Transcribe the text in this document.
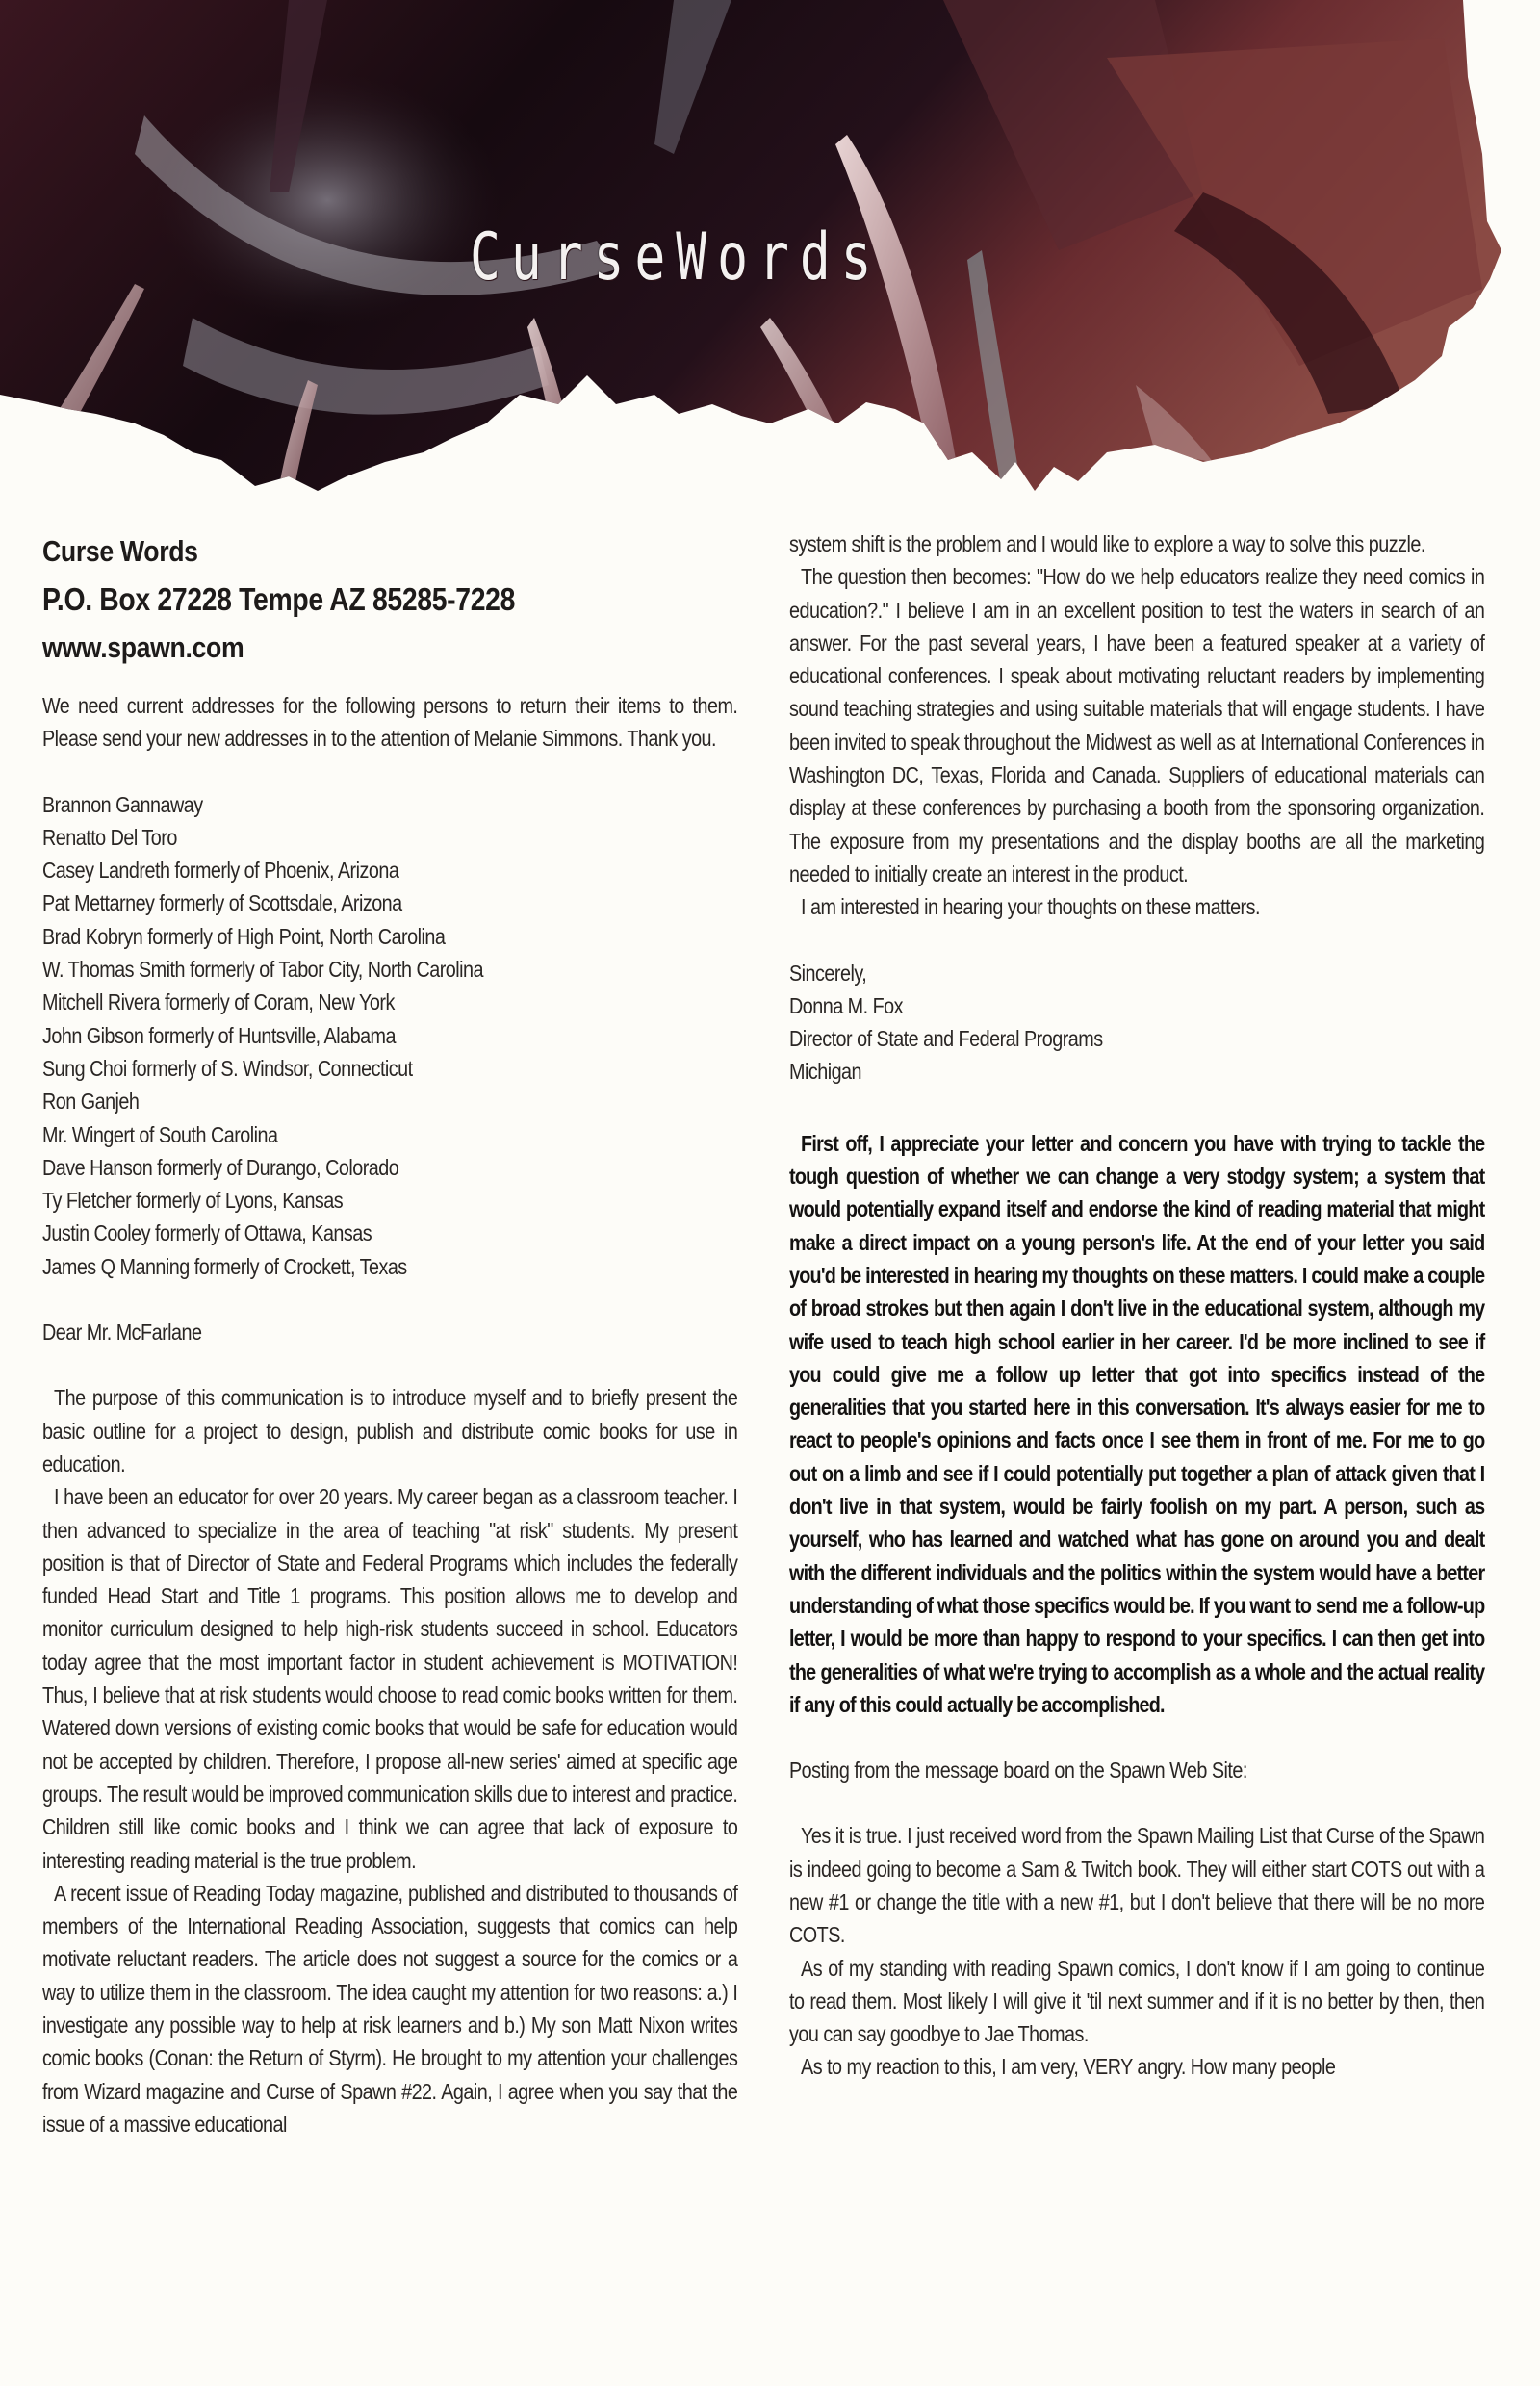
CurseWords
Curse Words
P.O. Box 27228 Tempe AZ 85285-7228
www.spawn.com

We need current addresses for the following persons to return their items to them. Please send your new addresses in to the attention of Melanie Simmons. Thank you.

Brannon Gannaway
Renatto Del Toro
Casey Landreth formerly of Phoenix, Arizona
Pat Mettarney formerly of Scottsdale, Arizona
Brad Kobryn formerly of High Point, North Carolina
W. Thomas Smith formerly of Tabor City, North Carolina
Mitchell Rivera formerly of Coram, New York
John Gibson formerly of Huntsville, Alabama
Sung Choi formerly of S. Windsor, Connecticut
Ron Ganjeh
Mr. Wingert of South Carolina
Dave Hanson formerly of Durango, Colorado
Ty Fletcher formerly of Lyons, Kansas
Justin Cooley formerly of Ottawa, Kansas
James Q Manning formerly of Crockett, Texas
Dear Mr. McFarlane

The purpose of this communication is to introduce myself and to briefly present the basic outline for a project to design, publish and distribute comic books for use in education.

I have been an educator for over 20 years. My career began as a classroom teacher. I then advanced to specialize in the area of teaching "at risk" students. My present position is that of Director of State and Federal Programs which includes the federally funded Head Start and Title 1 programs. This position allows me to develop and monitor curriculum designed to help high-risk students succeed in school. Educators today agree that the most important factor in student achievement is MOTIVATION! Thus, I believe that at risk students would choose to read comic books written for them. Watered down versions of existing comic books that would be safe for education would not be accepted by children. Therefore, I propose all-new series' aimed at specific age groups. The result would be improved communication skills due to interest and practice. Children still like comic books and I think we can agree that lack of exposure to interesting reading material is the true problem.

A recent issue of Reading Today magazine, published and distributed to thousands of members of the International Reading Association, suggests that comics can help motivate reluctant readers. The article does not suggest a source for the comics or a way to utilize them in the classroom. The idea caught my attention for two reasons: a.) I investigate any possible way to help at risk learners and b.) My son Matt Nixon writes comic books (Conan: the Return of Styrm). He brought to my attention your challenges from Wizard magazine and Curse of Spawn #22. Again, I agree when you say that the issue of a massive educational

system shift is the problem and I would like to explore a way to solve this puzzle.

The question then becomes: "How do we help educators realize they need comics in education?." I believe I am in an excellent position to test the waters in search of an answer. For the past several years, I have been a featured speaker at a variety of educational conferences. I speak about motivating reluctant readers by implementing sound teaching strategies and using suitable materials that will engage students. I have been invited to speak throughout the Midwest as well as at International Conferences in Washington DC, Texas, Florida and Canada. Suppliers of educational materials can display at these conferences by purchasing a booth from the sponsoring organization. The exposure from my presentations and the display booths are all the marketing needed to initially create an interest in the product.

I am interested in hearing your thoughts on these matters.

Sincerely,
Donna M. Fox
Director of State and Federal Programs
Michigan

First off, I appreciate your letter and concern you have with trying to tackle the tough question of whether we can change a very stodgy system; a system that would potentially expand itself and endorse the kind of reading material that might make a direct impact on a young person's life. At the end of your letter you said you'd be interested in hearing my thoughts on these matters. I could make a couple of broad strokes but then again I don't live in the educational system, although my wife used to teach high school earlier in her career. I'd be more inclined to see if you could give me a follow up letter that got into specifics instead of the generalities that you started here in this conversation. It's always easier for me to react to people's opinions and facts once I see them in front of me. For me to go out on a limb and see if I could potentially put together a plan of attack given that I don't live in that system, would be fairly foolish on my part. A person, such as yourself, who has learned and watched what has gone on around you and dealt with the different individuals and the politics within the system would have a better understanding of what those specifics would be. If you want to send me a follow-up letter, I would be more than happy to respond to your specifics. I can then get into the generalities of what we're trying to accomplish as a whole and the actual reality if any of this could actually be accomplished.

Posting from the message board on the Spawn Web Site:

Yes it is true. I just received word from the Spawn Mailing List that Curse of the Spawn is indeed going to become a Sam & Twitch book. They will either start COTS out with a new #1 or change the title with a new #1, but I don't believe that there will be no more COTS.

As of my standing with reading Spawn comics, I don't know if I am going to continue to read them. Most likely I will give it 'til next summer and if it is no better by then, then you can say goodbye to Jae Thomas.

As to my reaction to this, I am very, VERY angry. How many people
